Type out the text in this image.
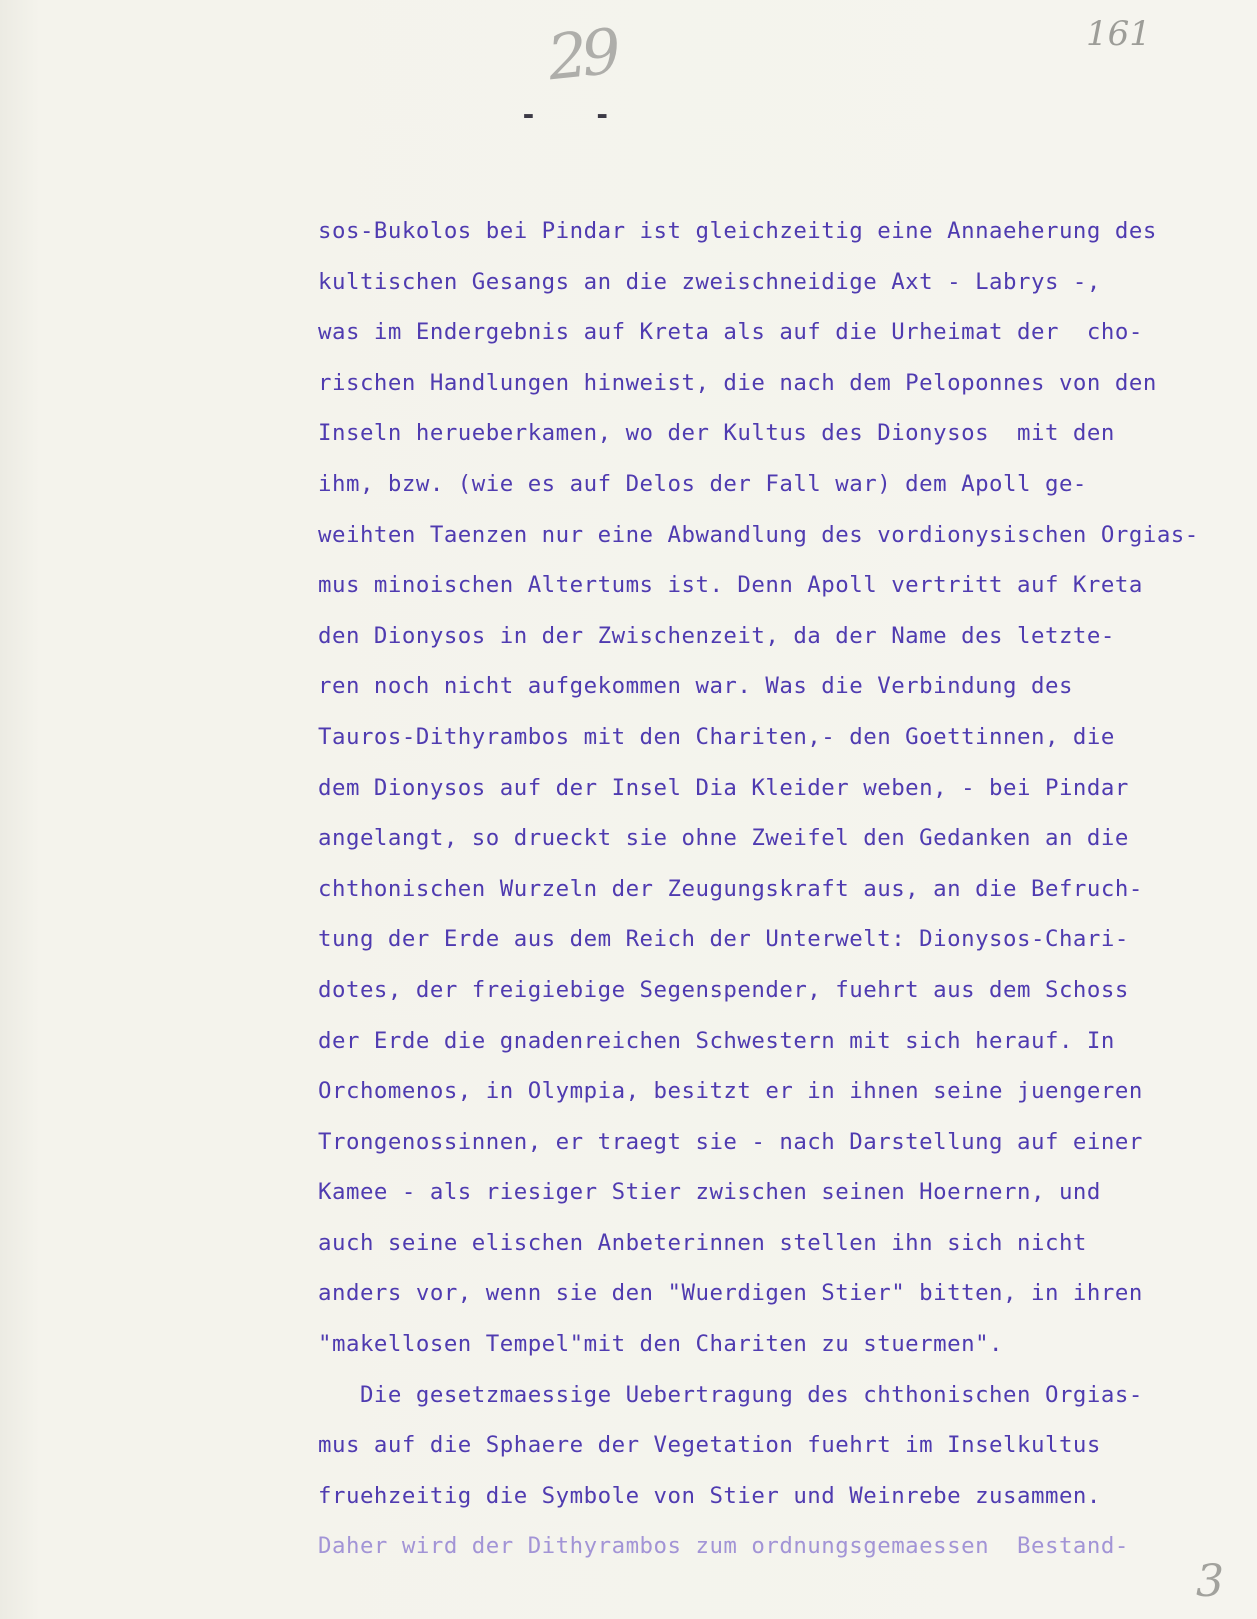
29	161
3
- -
sos-Bukolos bei Pindar ist gleichzeitig eine Annaeherung des
kultischen Gesangs an die zweischneidige Axt - Labrys -,
was im Endergebnis auf Kreta als auf die Urheimat der  cho-
rischen Handlungen hinweist, die nach dem Peloponnes von den
Inseln herueberkamen, wo der Kultus des Dionysos  mit den
ihm, bzw. (wie es auf Delos der Fall war) dem Apoll ge-
weihten Taenzen nur eine Abwandlung des vordionysischen Orgias-
mus minoischen Altertums ist. Denn Apoll vertritt auf Kreta
den Dionysos in der Zwischenzeit, da der Name des letzte-
ren noch nicht aufgekommen war. Was die Verbindung des
Tauros-Dithyrambos mit den Chariten,- den Goettinnen, die
dem Dionysos auf der Insel Dia Kleider weben, - bei Pindar
angelangt, so drueckt sie ohne Zweifel den Gedanken an die
chthonischen Wurzeln der Zeugungskraft aus, an die Befruch-
tung der Erde aus dem Reich der Unterwelt: Dionysos-Chari-
dotes, der freigiebige Segenspender, fuehrt aus dem Schoss
der Erde die gnadenreichen Schwestern mit sich herauf. In
Orchomenos, in Olympia, besitzt er in ihnen seine juengeren
Trongenossinnen, er traegt sie - nach Darstellung auf einer
Kamee - als riesiger Stier zwischen seinen Hoernern, und
auch seine elischen Anbeterinnen stellen ihn sich nicht
anders vor, wenn sie den "Wuerdigen Stier" bitten, in ihren
"makellosen Tempel"mit den Chariten zu stuermen".
Die gesetzmaessige Uebertragung des chthonischen Orgias-
mus auf die Sphaere der Vegetation fuehrt im Inselkultus
fruehzeitig die Symbole von Stier und Weinrebe zusammen.
Daher wird der Dithyrambos zum ordnungsgemaessen  Bestand-
